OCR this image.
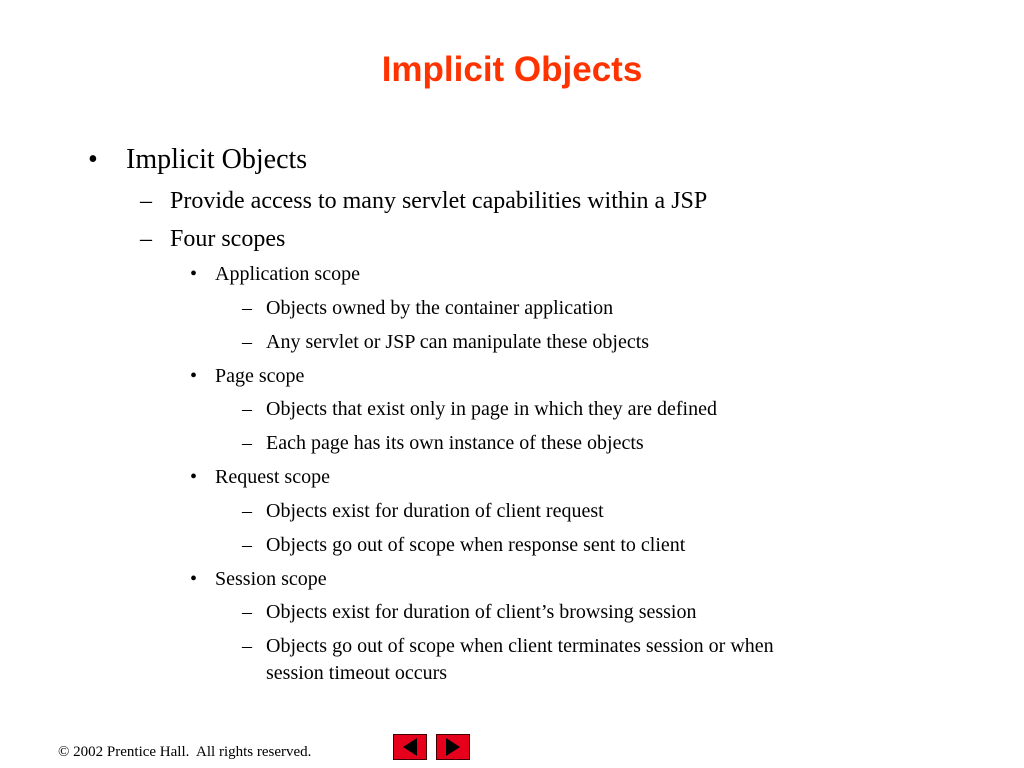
Implicit Objects
• Implicit Objects
– Provide access to many servlet capabilities within a JSP
– Four scopes
• Application scope
– Objects owned by the container application
– Any servlet or JSP can manipulate these objects
• Page scope
– Objects that exist only in page in which they are defined
– Each page has its own instance of these objects
• Request scope
– Objects exist for duration of client request
– Objects go out of scope when response sent to client
• Session scope
– Objects exist for duration of client’s browsing session
– Objects go out of scope when client terminates session or when
session timeout occurs
© 2002 Prentice Hall.  All rights reserved.
